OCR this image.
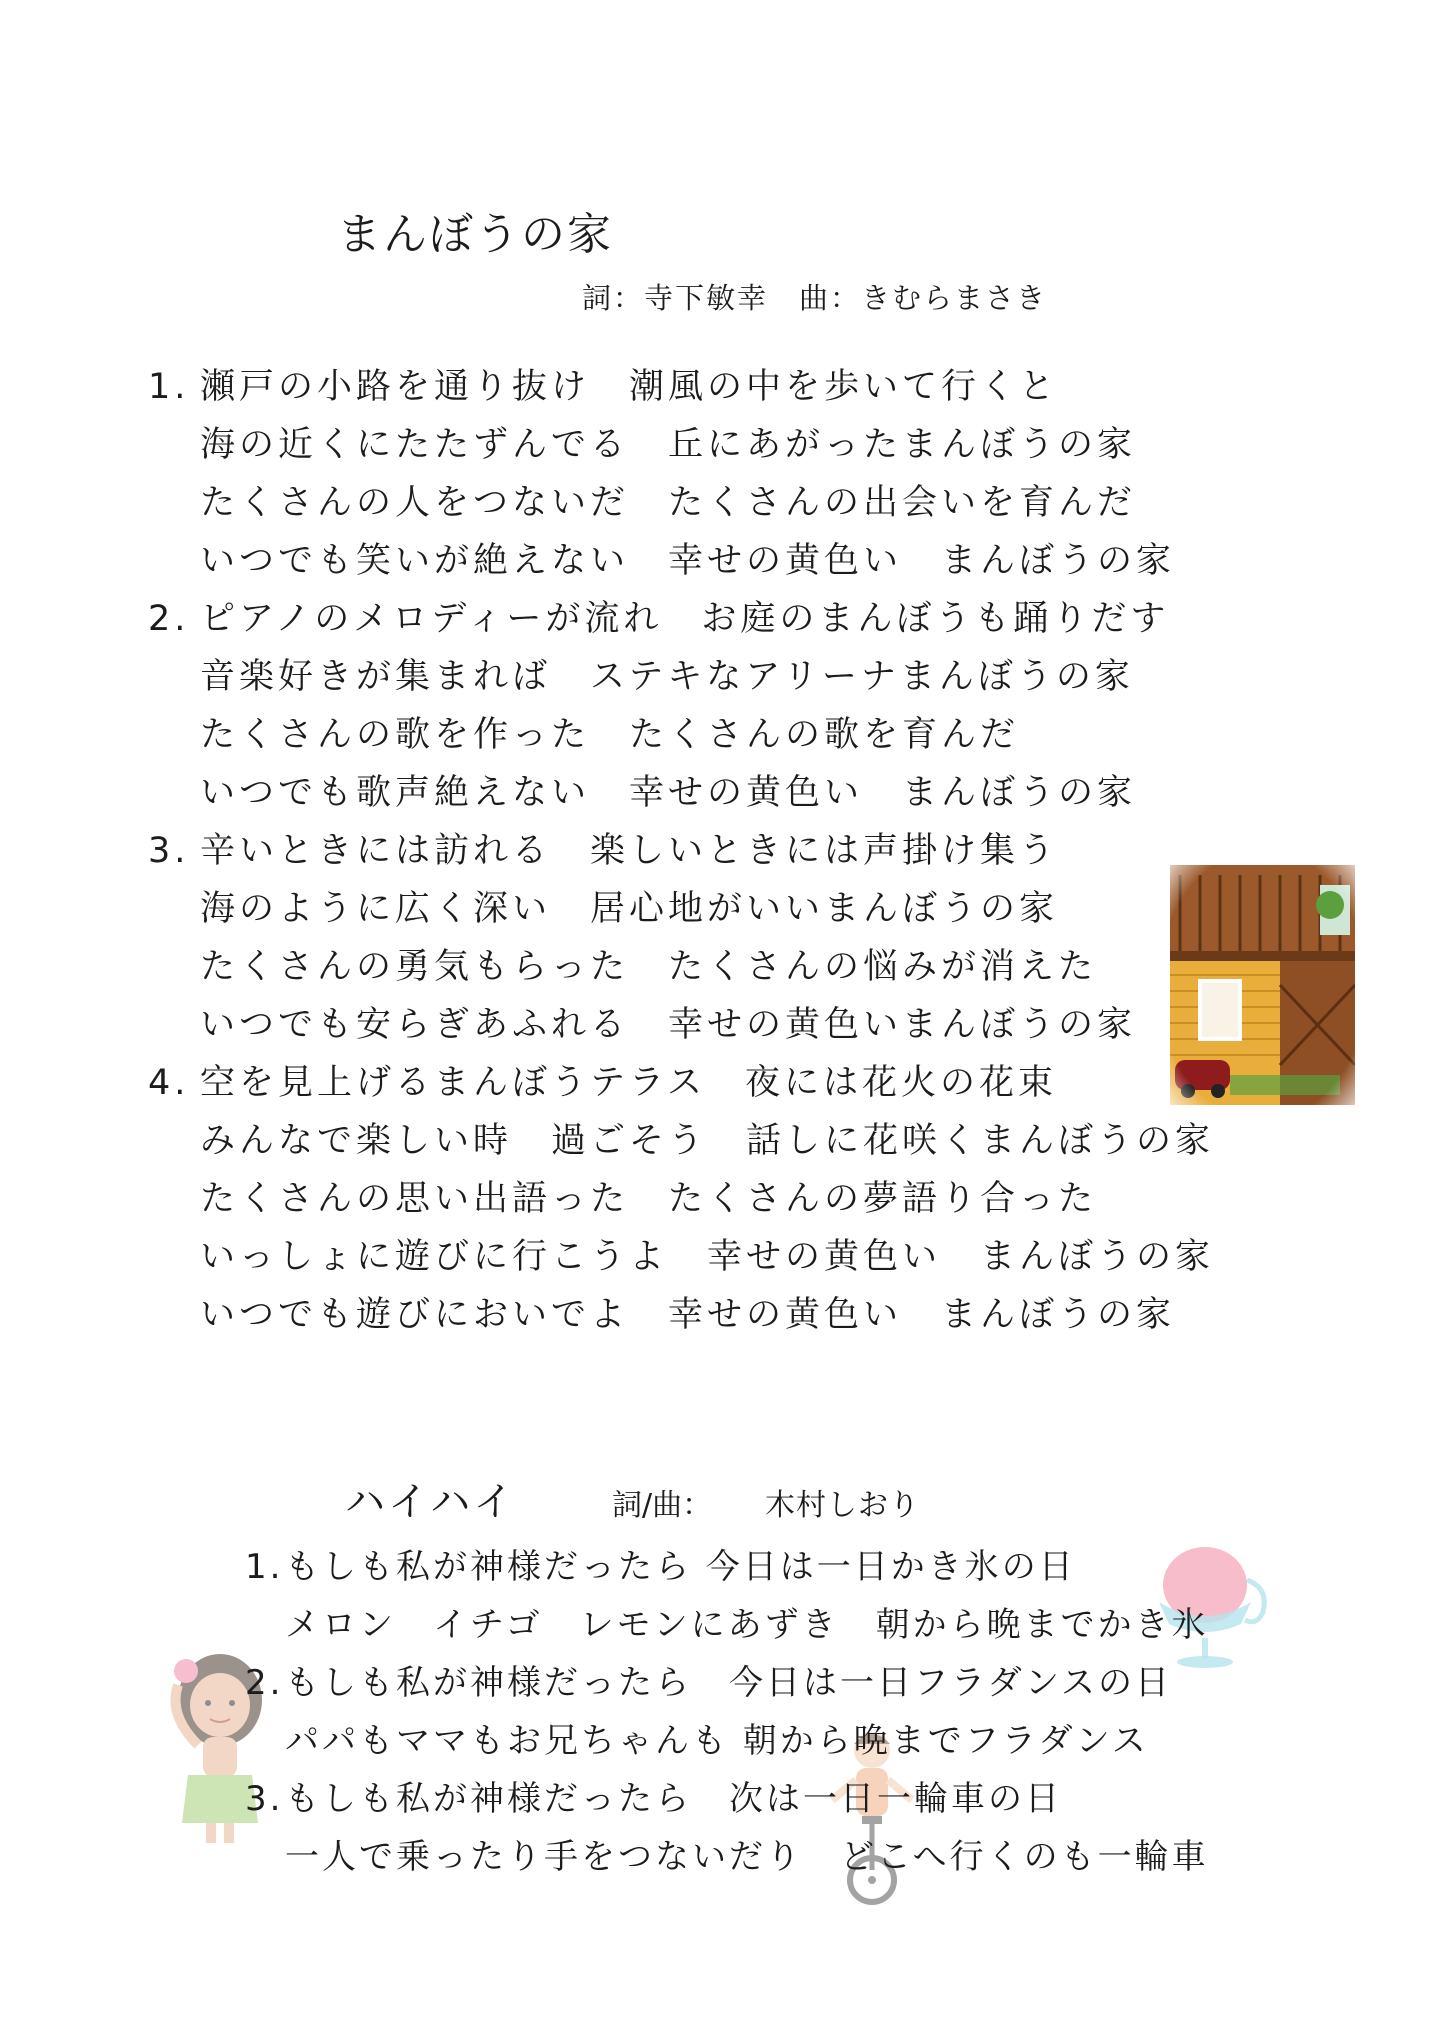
まんぼうの家
詞：寺下敏幸　曲：きむらまさき
1. 瀬戸の小路を通り抜け　潮風の中を歩いて行くと
海の近くにたたずんでる　丘にあがったまんぼうの家
たくさんの人をつないだ　たくさんの出会いを育んだ
いつでも笑いが絶えない　幸せの黄色い　まんぼうの家
2. ピアノのメロディーが流れ　お庭のまんぼうも踊りだす
音楽好きが集まれば　ステキなアリーナまんぼうの家
たくさんの歌を作った　たくさんの歌を育んだ
いつでも歌声絶えない　幸せの黄色い　まんぼうの家
3. 辛いときには訪れる　楽しいときには声掛け集う
海のように広く深い　居心地がいいまんぼうの家
たくさんの勇気もらった　たくさんの悩みが消えた
いつでも安らぎあふれる　幸せの黄色いまんぼうの家
4. 空を見上げるまんぼうテラス　夜には花火の花束
みんなで楽しい時　過ごそう　話しに花咲くまんぼうの家
たくさんの思い出語った　たくさんの夢語り合った
いっしょに遊びに行こうよ　幸せの黄色い　まんぼうの家
いつでも遊びにおいでよ　幸せの黄色い　まんぼうの家
ハイハイ	詞/曲： 木村しおり
1.もしも私が神様だったら 今日は一日かき氷の日
メロン　イチゴ　レモンにあずき　朝から晩までかき氷
2.もしも私が神様だったら　今日は一日フラダンスの日
パパもママもお兄ちゃんも 朝から晩までフラダンス
3.もしも私が神様だったら　次は一日一輪車の日
一人で乗ったり手をつないだり　どこへ行くのも一輪車
